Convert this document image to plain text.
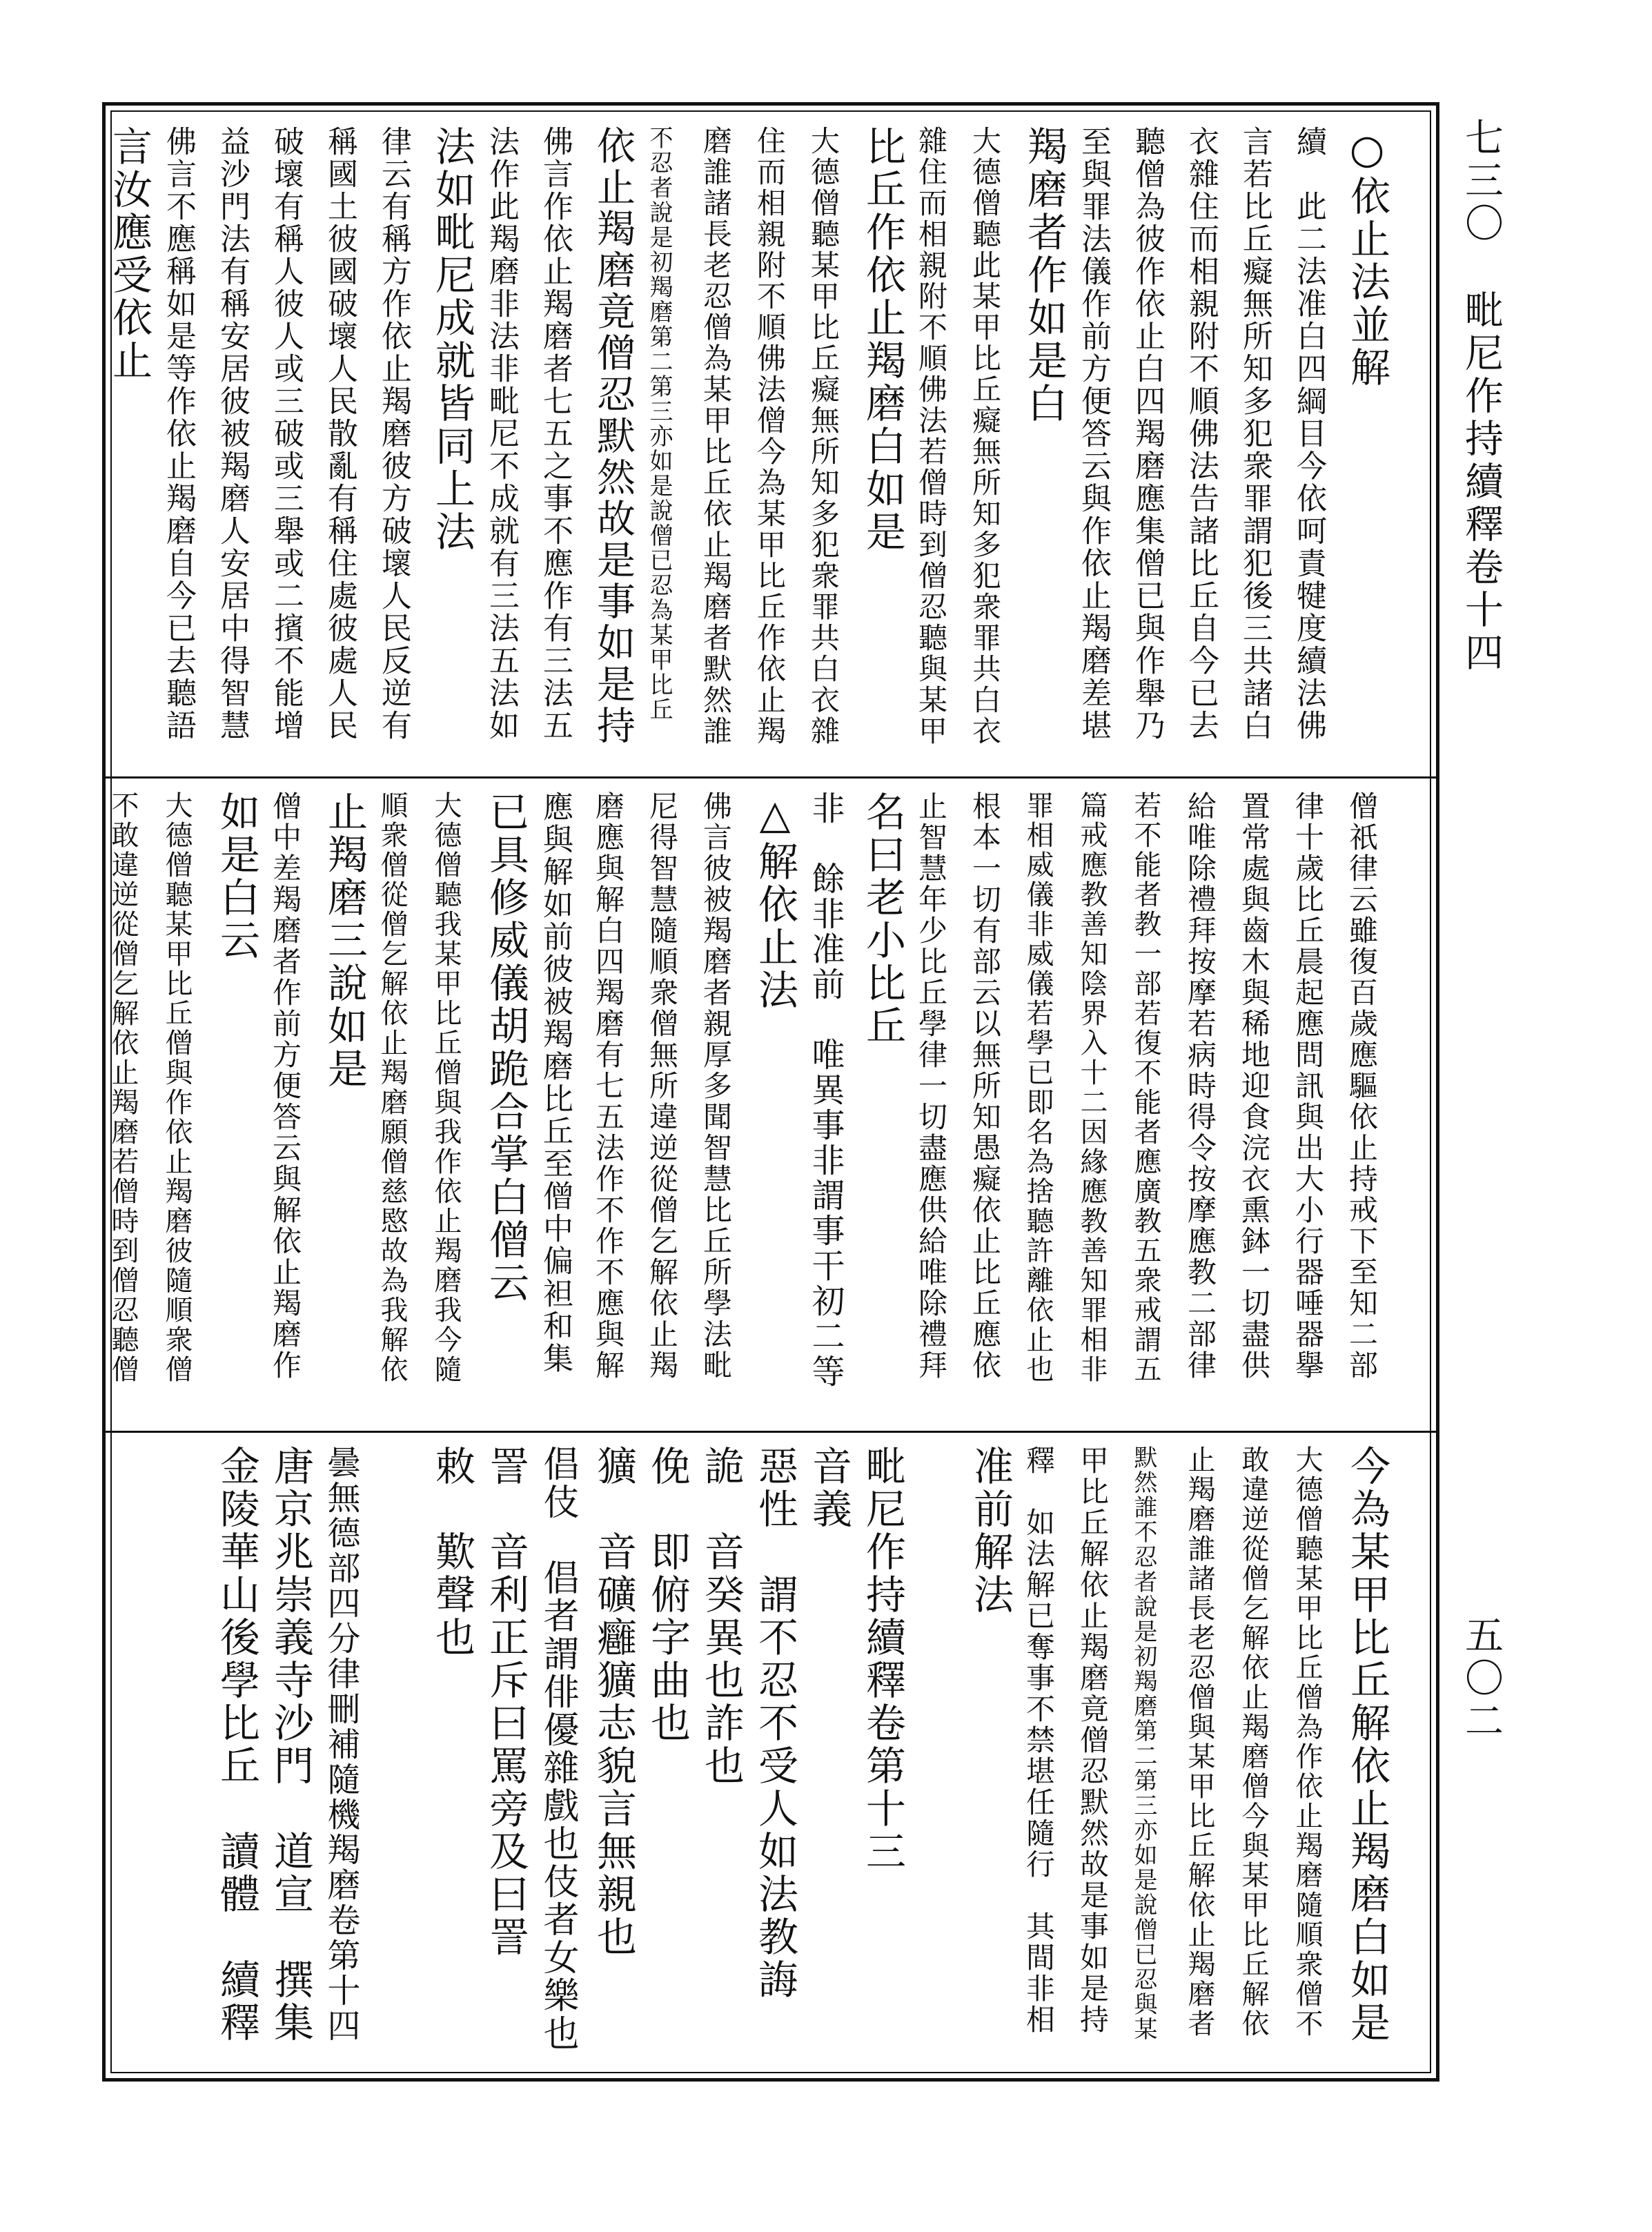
七三〇
毗尼作持續釋卷十四
五〇二
○依止法並解
續　此二法准白四綱目今依呵責犍度續法佛
言若比丘癡無所知多犯衆罪謂犯後三共諸白
衣雜住而相親附不順佛法告諸比丘自今已去
聽僧為彼作依止白四羯磨應集僧已與作舉乃
至與罪法儀作前方便答云與作依止羯磨差堪
羯磨者作如是白
大德僧聽此某甲比丘癡無所知多犯衆罪共白衣
雜住而相親附不順佛法若僧時到僧忍聽與某甲
比丘作依止羯磨白如是
大德僧聽某甲比丘癡無所知多犯衆罪共白衣雜
住而相親附不順佛法僧今為某甲比丘作依止羯
磨誰諸長老忍僧為某甲比丘依止羯磨者默然誰
不忍者說是初羯磨第二第三亦如是說僧已忍為某甲比丘
依止羯磨竟僧忍默然故是事如是持
佛言作依止羯磨者七五之事不應作有三法五
法作此羯磨非法非毗尼不成就有三法五法如
法如毗尼成就皆同上法
律云有稱方作依止羯磨彼方破壞人民反逆有
稱國土彼國破壞人民散亂有稱住處彼處人民
破壞有稱人彼人或三破或三舉或二擯不能增
益沙門法有稱安居彼被羯磨人安居中得智慧
佛言不應稱如是等作依止羯磨自今已去聽語
言汝應受依止
僧祇律云雖復百歲應驅依止持戒下至知二部
律十歲比丘晨起應問訊與出大小行器唾器擧
置常處與齒木與稀地迎食浣衣熏鉢一切盡供
給唯除禮拜按摩若病時得令按摩應教二部律
若不能者教一部若復不能者應廣教五衆戒謂五
篇戒應教善知陰界入十二因緣應教善知罪相非
罪相威儀非威儀若學已即名為捨聽許離依止也
根本一切有部云以無所知愚癡依止比丘應依
止智慧年少比丘學律一切盡應供給唯除禮拜
名曰老小比丘
非　餘非准前　唯異事非謂事干初二等
△解依止法
佛言彼被羯磨者親厚多聞智慧比丘所學法毗
尼得智慧隨順衆僧無所違逆從僧乞解依止羯
磨應與解白四羯磨有七五法作不作不應與解
應與解如前彼被羯磨比丘至僧中偏袒和集
已具修威儀胡跪合掌白僧云
大德僧聽我某甲比丘僧與我作依止羯磨我今隨
順衆僧從僧乞解依止羯磨願僧慈愍故為我解依
止羯磨三說如是
僧中差羯磨者作前方便答云與解依止羯磨作
如是白云
大德僧聽某甲比丘僧與作依止羯磨彼隨順衆僧
不敢違逆從僧乞解依止羯磨若僧時到僧忍聽僧
今為某甲比丘解依止羯磨白如是
大德僧聽某甲比丘僧為作依止羯磨隨順衆僧不
敢違逆從僧乞解依止羯磨僧今與某甲比丘解依
止羯磨誰諸長老忍僧與某甲比丘解依止羯磨者
默然誰不忍者說是初羯磨第二第三亦如是說僧已忍與某
甲比丘解依止羯磨竟僧忍默然故是事如是持
釋　如法解已奪事不禁堪任隨行　其間非相
准前解法
毗尼作持續釋卷第十三
音義
惡性　謂不忍不受人如法教誨
詭　音癸異也詐也
俛　即俯字曲也
獷　音礦癰獷志貌言無親也
倡伎　倡者謂俳優雜戲也伎者女樂也
詈　音利正斥曰罵旁及曰詈
敕　歎聲也
曇無德部四分律刪補隨機羯磨卷第十四
唐京兆崇義寺沙門　道宣　撰集
金陵華山後學比丘　讀體　續釋
